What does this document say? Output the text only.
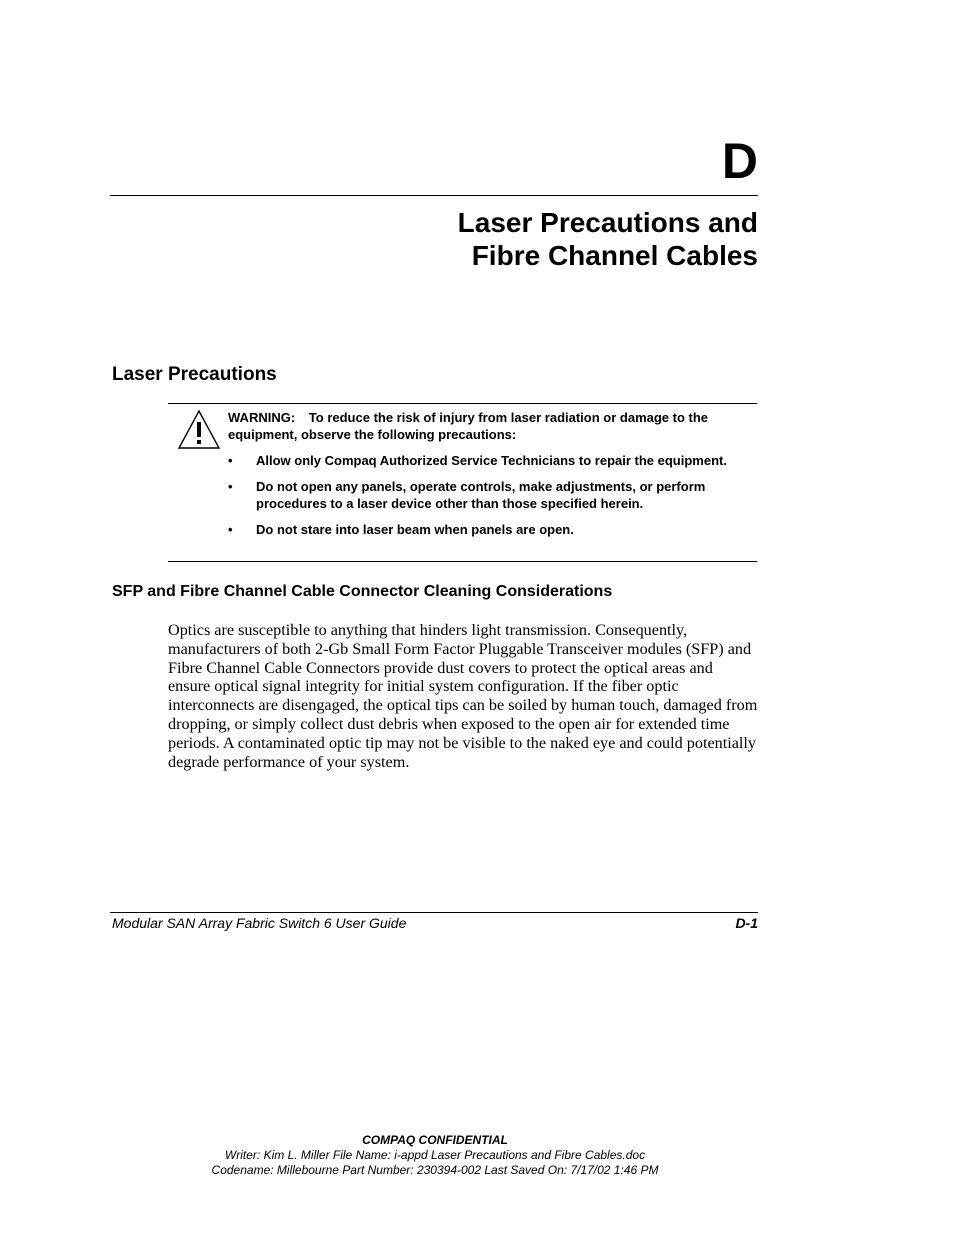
D
Laser Precautions and
Fibre Channel Cables
Laser Precautions
WARNING: To reduce the risk of injury from laser radiation or damage to the equipment, observe the following precautions:
• Allow only Compaq Authorized Service Technicians to repair the equipment.
• Do not open any panels, operate controls, make adjustments, or perform procedures to a laser device other than those specified herein.
• Do not stare into laser beam when panels are open.
SFP and Fibre Channel Cable Connector Cleaning Considerations

Optics are susceptible to anything that hinders light transmission. Consequently, manufacturers of both 2-Gb Small Form Factor Pluggable Transceiver modules (SFP) and Fibre Channel Cable Connectors provide dust covers to protect the optical areas and ensure optical signal integrity for initial system configuration. If the fiber optic interconnects are disengaged, the optical tips can be soiled by human touch, damaged from dropping, or simply collect dust debris when exposed to the open air for extended time periods. A contaminated optic tip may not be visible to the naked eye and could potentially degrade performance of your system.

Modular SAN Array Fabric Switch 6 User Guide	D-1
COMPAQ CONFIDENTIAL
Writer: Kim L. Miller File Name: i-appd Laser Precautions and Fibre Cables.doc
Codename: Millebourne Part Number: 230394-002 Last Saved On: 7/17/02 1:46 PM
